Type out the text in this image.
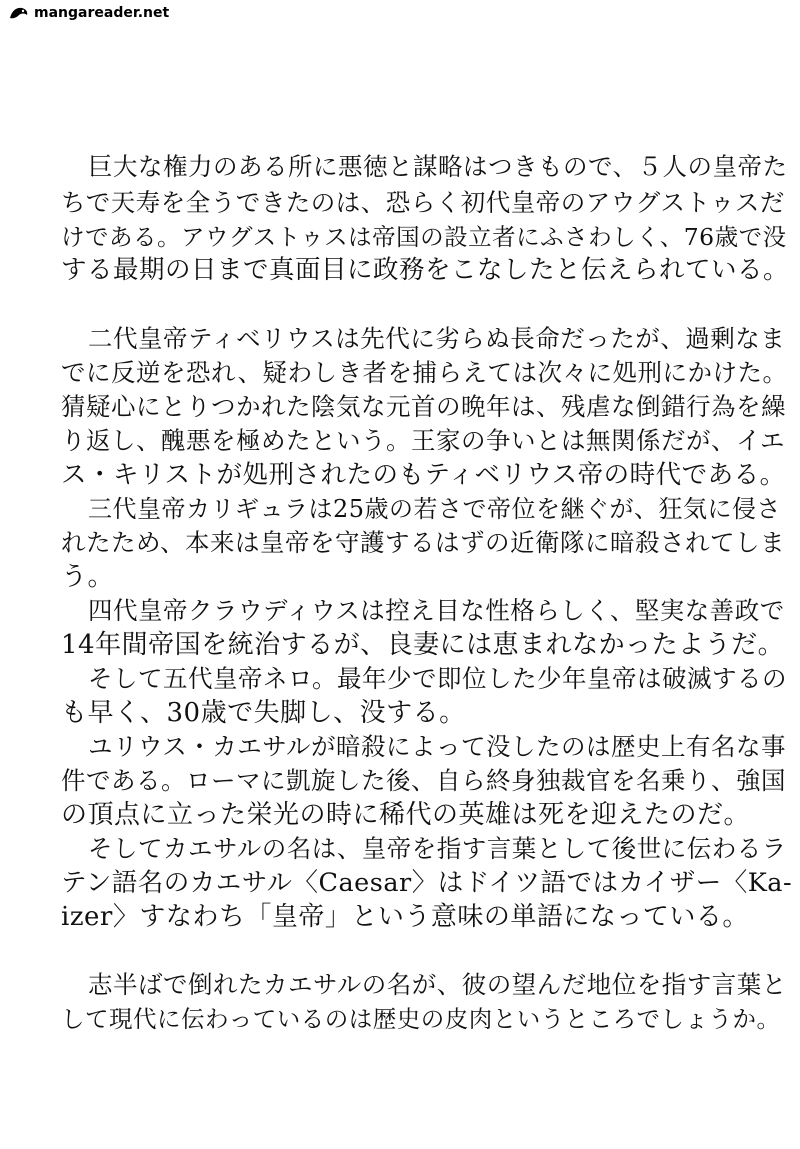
mangareader.net
巨大な権力のある所に悪徳と謀略はつきもので、５人の皇帝た
ちで天寿を全うできたのは、恐らく初代皇帝のアウグストゥスだ
けである。アウグストゥスは帝国の設立者にふさわしく、76歳で没
する最期の日まで真面目に政務をこなしたと伝えられている。
二代皇帝ティベリウスは先代に劣らぬ長命だったが、過剰なま
でに反逆を恐れ、疑わしき者を捕らえては次々に処刑にかけた。
猜疑心にとりつかれた陰気な元首の晩年は、残虐な倒錯行為を繰
り返し、醜悪を極めたという。王家の争いとは無関係だが、イエ
ス・キリストが処刑されたのもティベリウス帝の時代である。
三代皇帝カリギュラは25歳の若さで帝位を継ぐが、狂気に侵さ
れたため、本来は皇帝を守護するはずの近衛隊に暗殺されてしま
う。
四代皇帝クラウディウスは控え目な性格らしく、堅実な善政で
14年間帝国を統治するが、良妻には恵まれなかったようだ。
そして五代皇帝ネロ。最年少で即位した少年皇帝は破滅するの
も早く、30歳で失脚し、没する。
ユリウス・カエサルが暗殺によって没したのは歴史上有名な事
件である。ローマに凱旋した後、自ら終身独裁官を名乗り、強国
の頂点に立った栄光の時に稀代の英雄は死を迎えたのだ。
そしてカエサルの名は、皇帝を指す言葉として後世に伝わるラ
テン語名のカエサル〈Caesar〉はドイツ語ではカイザー〈Ka-
izer〉すなわち「皇帝」という意味の単語になっている。
志半ばで倒れたカエサルの名が、彼の望んだ地位を指す言葉と
して現代に伝わっているのは歴史の皮肉というところでしょうか。
